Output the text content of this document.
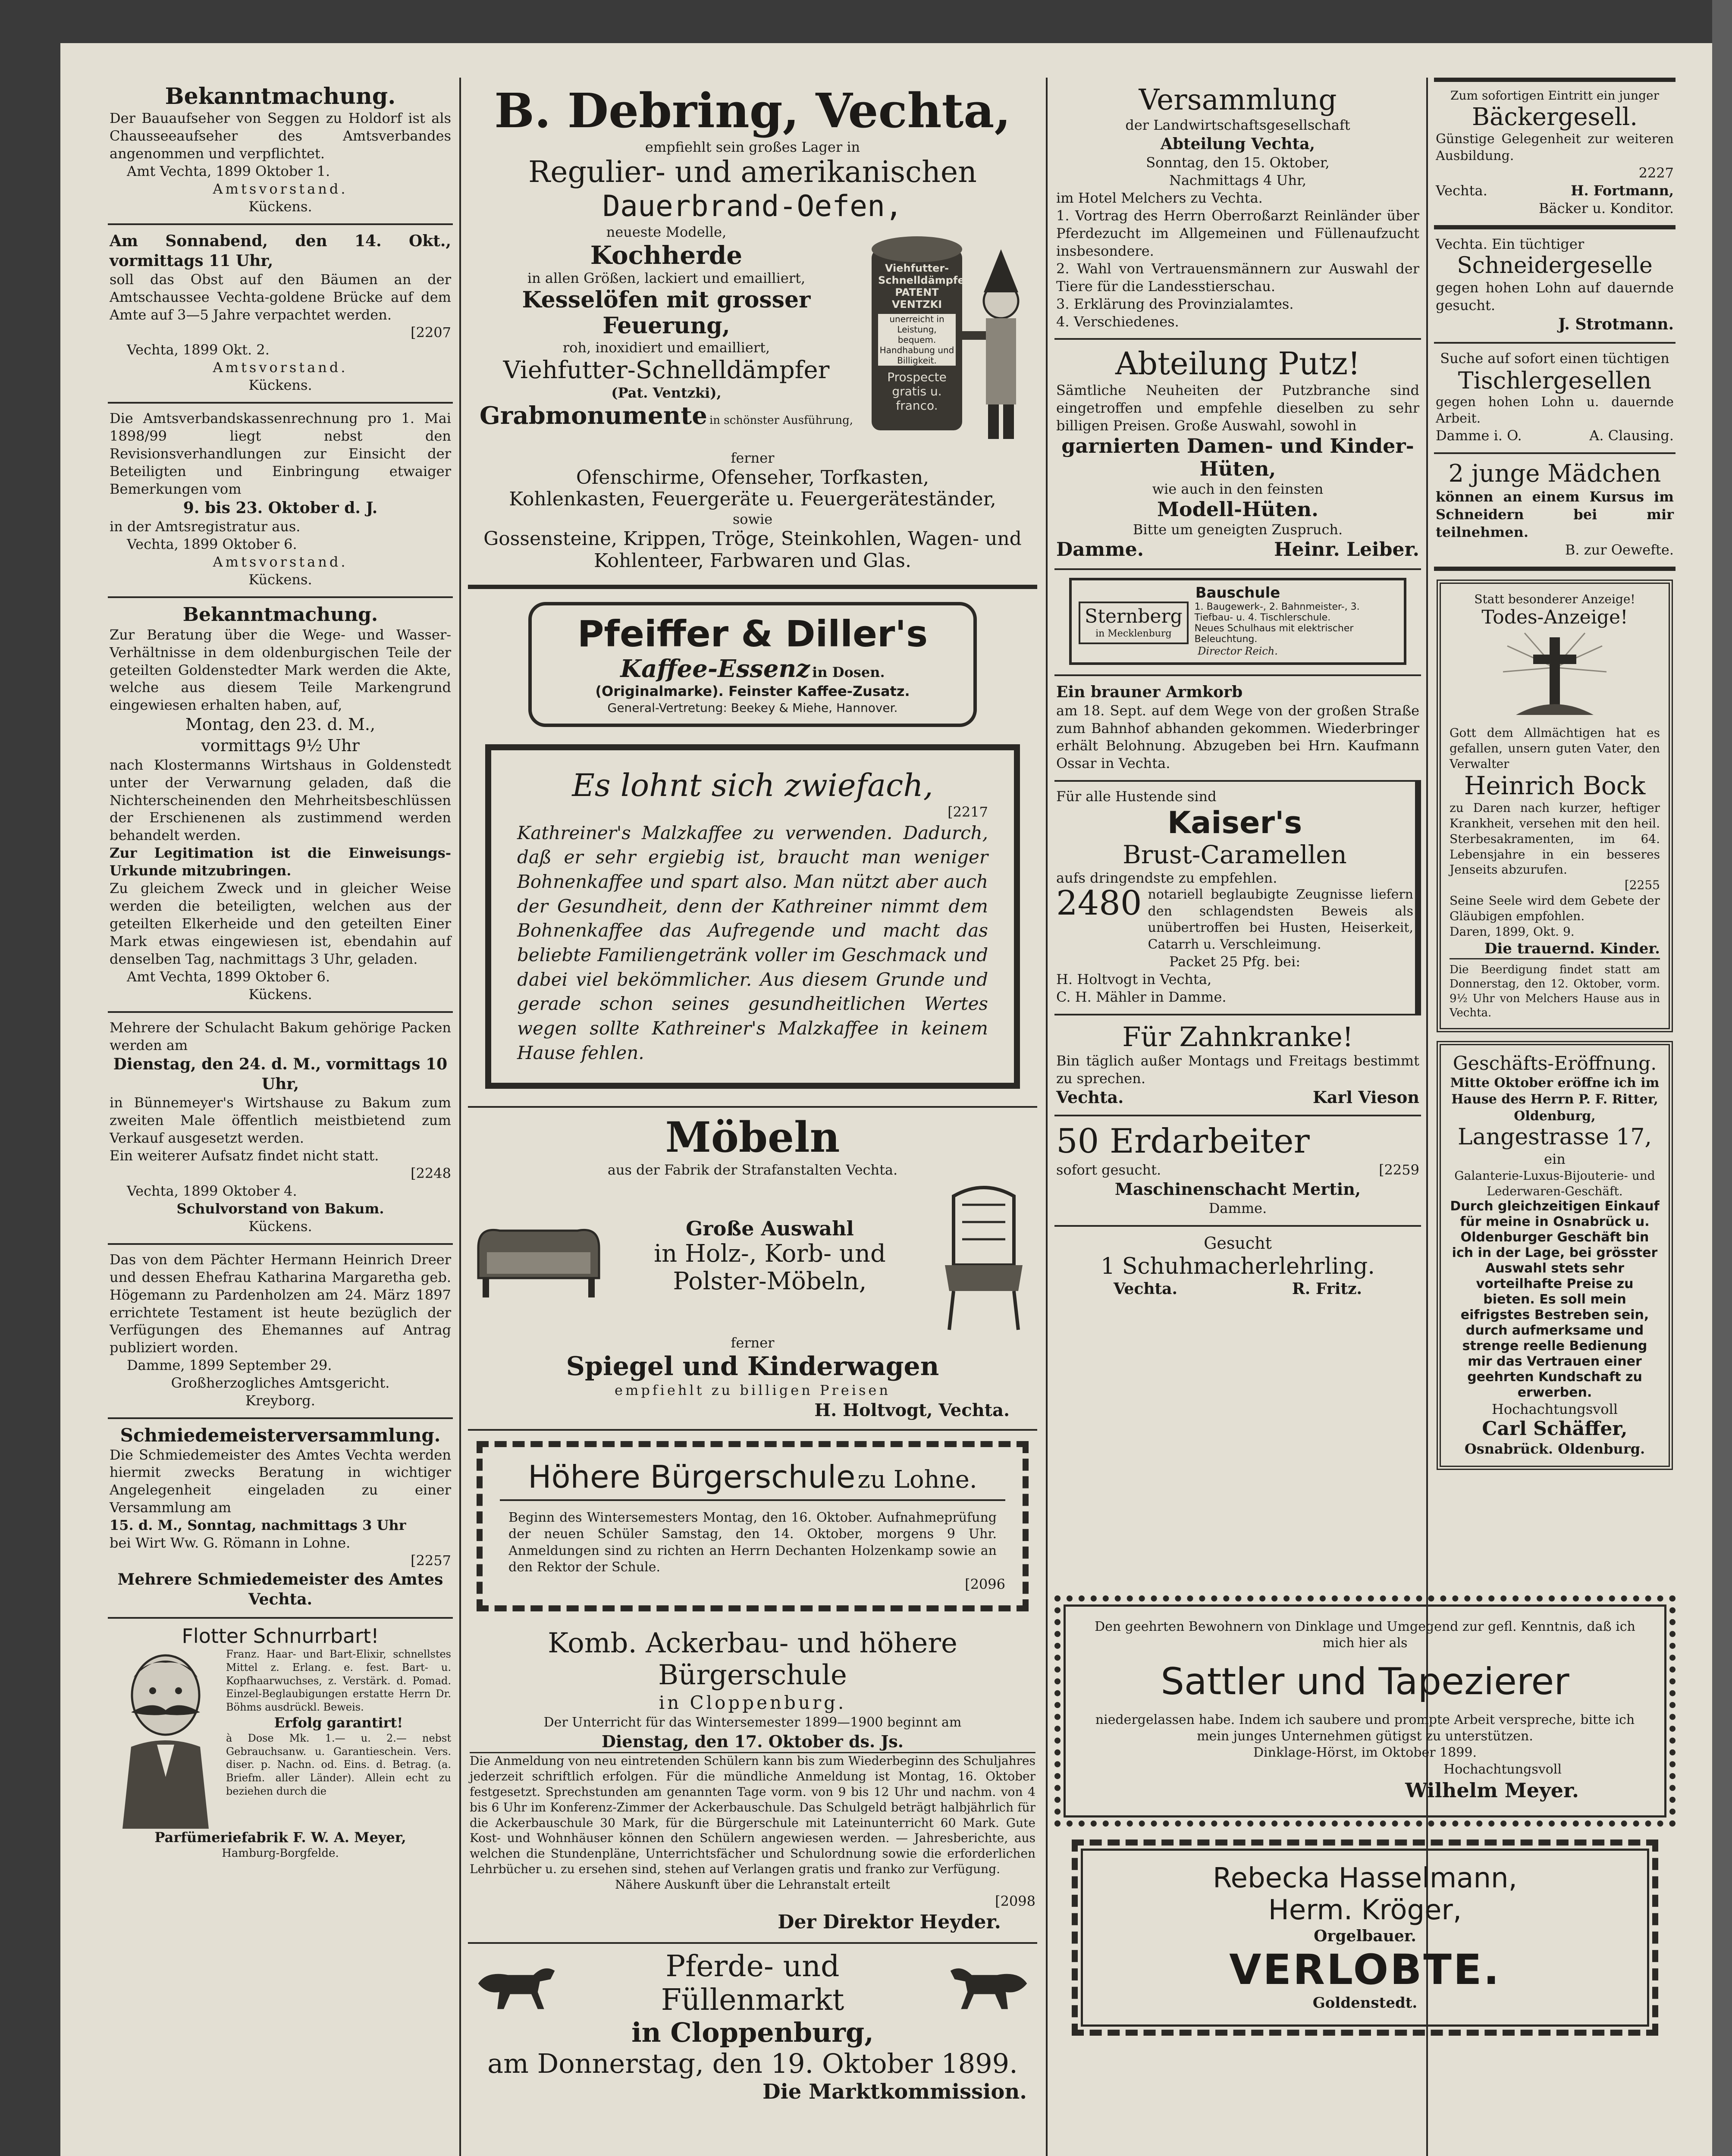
Bekanntmachung.
Der Bauaufseher von Seggen zu Holdorf ist als Chausseeaufseher des Amtsverbandes angenommen und verpflichtet.
Amt Vechta, 1899 Oktober 1.
Amtsvorstand.
Kückens.
Am Sonnabend, den 14. Okt., vormittags 11 Uhr,
soll das Obst auf den Bäumen an der Amtschaussee Vechta-goldene Brücke auf dem Amte auf 3—5 Jahre verpachtet werden.
[2207
Vechta, 1899 Okt. 2.
Amtsvorstand.
Kückens.
Die Amtsverbandskassenrechnung pro 1. Mai 1898/99 liegt nebst den Revisionsverhandlungen zur Einsicht der Beteiligten und Einbringung etwaiger Bemerkungen vom
9. bis 23. Oktober d. J.
in der Amtsregistratur aus.
Vechta, 1899 Oktober 6.
Amtsvorstand.
Kückens.
Bekanntmachung.
Zur Beratung über die Wege- und Wasser-Verhältnisse in dem oldenburgischen Teile der geteilten Goldenstedter Mark werden die Akte, welche aus diesem Teile Markengrund eingewiesen erhalten haben, auf,
Montag, den 23. d. M.,
vormittags 9½ Uhr
nach Klostermanns Wirtshaus in Goldenstedt unter der Verwarnung geladen, daß die Nichterscheinenden den Mehrheitsbeschlüssen der Erschienenen als zustimmend werden behandelt werden.
Zur Legitimation ist die Einweisungs-Urkunde mitzubringen.
Zu gleichem Zweck und in gleicher Weise werden die beteiligten, welchen aus der geteilten Elkerheide und den geteilten Einer Mark etwas eingewiesen ist, ebendahin auf denselben Tag, nachmittags 3 Uhr, geladen.
Amt Vechta, 1899 Oktober 6.
Kückens.
Mehrere der Schulacht Bakum gehörige Packen werden am
Dienstag, den 24. d. M., vormittags 10 Uhr,
in Bünnemeyer's Wirtshause zu Bakum zum zweiten Male öffentlich meistbietend zum Verkauf ausgesetzt werden.
Ein weiterer Aufsatz findet nicht statt.
[2248
Vechta, 1899 Oktober 4.
Schulvorstand von Bakum.
Kückens.
Das von dem Pächter Hermann Heinrich Dreer und dessen Ehefrau Katharina Margaretha geb. Högemann zu Pardenholzen am 24. März 1897 errichtete Testament ist heute bezüglich der Verfügungen des Ehemannes auf Antrag publiziert worden.
Damme, 1899 September 29.
Großherzogliches Amtsgericht.
Kreyborg.
Schmiedemeisterversammlung.
Die Schmiedemeister des Amtes Vechta werden hiermit zwecks Beratung in wichtiger Angelegenheit eingeladen zu einer Versammlung am
15. d. M., Sonntag, nachmittags 3 Uhr
bei Wirt Ww. G. Römann in Lohne.
[2257
Mehrere Schmiedemeister des Amtes Vechta.
Flotter Schnurrbart!
Franz. Haar- und Bart-Elixir, schnellstes Mittel z. Erlang. e. fest. Bart- u. Kopfhaarwuchses, z. Verstärk. d. Pomad. Einzel-Beglaubigungen erstatte Herrn Dr. Böhms ausdrückl. Beweis.
Erfolg garantirt!
à Dose Mk. 1.— u. 2.— nebst Gebrauchsanw. u. Garantieschein. Vers. diser. p. Nachn. od. Eins. d. Betrag. (a. Briefm. aller Länder). Allein echt zu beziehen durch die
Parfümeriefabrik F. W. A. Meyer,
Hamburg-Borgfelde.
B. Debring, Vechta,
empfiehlt sein großes Lager in
Regulier- und amerikanischen
Dauerbrand-Oefen,
neueste Modelle,
Kochherde
in allen Größen, lackiert und emailliert,
Kesselöfen mit grosser Feuerung,
roh, inoxidiert und emailliert,
Viehfutter-Schnelldämpfer
(Pat. Ventzki),
Grabmonumente in schönster Ausführung,
Viehfutter-Schnelldämpfer PATENT VENTZKI
unerreicht in Leistung, bequem. Handhabung und Billigkeit.
Prospecte gratis u. franco.
ferner
Ofenschirme, Ofenseher, Torfkasten,
Kohlenkasten, Feuergeräte u. Feuergeräteständer,
sowie
Gossensteine, Krippen, Tröge, Steinkohlen, Wagen- und Kohlenteer, Farbwaren und Glas.
Pfeiffer & Diller's
Kaffee-Essenz in Dosen.
(Originalmarke). Feinster Kaffee-Zusatz.
General-Vertretung: Beekey & Miehe, Hannover.
Es lohnt sich zwiefach,
[2217
Kathreiner's Malzkaffee zu verwenden. Dadurch, daß er sehr ergiebig ist, braucht man weniger Bohnenkaffee und spart also. Man nützt aber auch der Gesundheit, denn der Kathreiner nimmt dem Bohnenkaffee das Aufregende und macht das beliebte Familiengetränk voller im Geschmack und dabei viel bekömmlicher. Aus diesem Grunde und gerade schon seines gesundheitlichen Wertes wegen sollte Kathreiner's Malzkaffee in keinem Hause fehlen.
Möbeln
aus der Fabrik der Strafanstalten Vechta.
Große Auswahl
in Holz-, Korb- und
Polster-Möbeln,
ferner
Spiegel und Kinderwagen
empfiehlt zu billigen Preisen
H. Holtvogt, Vechta.
Höhere Bürgerschule zu Lohne.
Beginn des Wintersemesters Montag, den 16. Oktober. Aufnahmeprüfung der neuen Schüler Samstag, den 14. Oktober, morgens 9 Uhr. Anmeldungen sind zu richten an Herrn Dechanten Holzenkamp sowie an den Rektor der Schule.
[2096
Komb. Ackerbau- und höhere Bürgerschule
in Cloppenburg.
Der Unterricht für das Wintersemester 1899—1900 beginnt am
Dienstag, den 17. Oktober ds. Js.
Die Anmeldung von neu eintretenden Schülern kann bis zum Wiederbeginn des Schuljahres jederzeit schriftlich erfolgen. Für die mündliche Anmeldung ist Montag, 16. Oktober festgesetzt. Sprechstunden am genannten Tage vorm. von 9 bis 12 Uhr und nachm. von 4 bis 6 Uhr im Konferenz-Zimmer der Ackerbauschule. Das Schulgeld beträgt halbjährlich für die Ackerbauschule 30 Mark, für die Bürgerschule mit Lateinunterricht 60 Mark. Gute Kost- und Wohnhäuser können den Schülern angewiesen werden. — Jahresberichte, aus welchen die Stundenpläne, Unterrichtsfächer und Schulordnung sowie die erforderlichen Lehrbücher u. zu ersehen sind, stehen auf Verlangen gratis und franko zur Verfügung.
Nähere Auskunft über die Lehranstalt erteilt
[2098
Der Direktor Heyder.
Pferde- und Füllenmarkt
in Cloppenburg,
am Donnerstag, den 19. Oktober 1899.
Die Marktkommission.
Versammlung
der Landwirtschaftsgesellschaft
Abteilung Vechta,
Sonntag, den 15. Oktober,
Nachmittags 4 Uhr,
im Hotel Melchers zu Vechta.
1. Vortrag des Herrn Oberroßarzt Reinländer über Pferdezucht im Allgemeinen und Füllenaufzucht insbesondere.
2. Wahl von Vertrauensmännern zur Auswahl der Tiere für die Landesstierschau.
3. Erklärung des Provinzialamtes.
4. Verschiedenes.
Abteilung Putz!
Sämtliche Neuheiten der Putzbranche sind eingetroffen und empfehle dieselben zu sehr billigen Preisen. Große Auswahl, sowohl in
garnierten Damen- und Kinder-Hüten,
wie auch in den feinsten
Modell-Hüten.
Bitte um geneigten Zuspruch.
Damme.	Heinr. Leiber.
Bauschule
Sternberg
in Mecklenburg
1. Baugewerk-, 2. Bahnmeister-, 3. Tiefbau- u. 4. Tischlerschule.
Neues Schulhaus mit elektrischer Beleuchtung.
Director Reich.
Ein brauner Armkorb
am 18. Sept. auf dem Wege von der großen Straße zum Bahnhof abhanden gekommen. Wiederbringer erhält Belohnung. Abzugeben bei Hrn. Kaufmann Ossar in Vechta.
Für alle Hustende sind
Kaiser's
Brust-Caramellen
aufs dringendste zu empfehlen.
2480 notariell beglaubigte Zeugnisse liefern den schlagendsten Beweis als unübertroffen bei Husten, Heiserkeit, Catarrh u. Verschleimung.
Packet 25 Pfg. bei:
H. Holtvogt in Vechta,
C. H. Mähler in Damme.
Für Zahnkranke!
Bin täglich außer Montags und Freitags bestimmt zu sprechen.
Vechta.	Karl Vieson
50 Erdarbeiter
sofort gesucht.	[2259
Maschinenschacht Mertin,
Damme.
Gesucht
1 Schuhmacherlehrling.
Vechta.	R. Fritz.
Zum sofortigen Eintritt ein junger
Bäckergesell.
Günstige Gelegenheit zur weiteren Ausbildung.
2227
Vechta.	H. Fortmann,
Bäcker u. Konditor.
Vechta. Ein tüchtiger
Schneidergeselle
gegen hohen Lohn auf dauernde gesucht.
J. Strotmann.
Suche auf sofort einen tüchtigen
Tischlergesellen
gegen hohen Lohn u. dauernde Arbeit.
Damme i. O.	A. Clausing.
2 junge Mädchen
können an einem Kursus im Schneidern bei mir teilnehmen.
B. zur Oewefte.
Statt besonderer Anzeige!
Todes-Anzeige!
Gott dem Allmächtigen hat es gefallen, unsern guten Vater, den Verwalter
Heinrich Bock
zu Daren nach kurzer, heftiger Krankheit, versehen mit den heil. Sterbesakramenten, im 64. Lebensjahre in ein besseres Jenseits abzurufen.
[2255
Seine Seele wird dem Gebete der Gläubigen empfohlen.
Daren, 1899, Okt. 9.
Die trauernd. Kinder.
Die Beerdigung findet statt am Donnerstag, den 12. Oktober, vorm. 9½ Uhr von Melchers Hause aus in Vechta.
Geschäfts-Eröffnung.
Mitte Oktober eröffne ich im Hause des Herrn P. F. Ritter, Oldenburg,
Langestrasse 17,
ein
Galanterie-Luxus-Bijouterie- und Lederwaren-Geschäft.
Durch gleichzeitigen Einkauf für meine in Osnabrück u. Oldenburger Geschäft bin ich in der Lage, bei grösster Auswahl stets sehr vorteilhafte Preise zu bieten. Es soll mein eifrigstes Bestreben sein, durch aufmerksame und strenge reelle Bedienung mir das Vertrauen einer geehrten Kundschaft zu erwerben.
Hochachtungsvoll
Carl Schäffer,
Osnabrück. Oldenburg.
Den geehrten Bewohnern von Dinklage und Umgegend zur gefl. Kenntnis, daß ich mich hier als
Sattler und Tapezierer
niedergelassen habe. Indem ich saubere und prompte Arbeit verspreche, bitte ich mein junges Unternehmen gütigst zu unterstützen.
Dinklage-Hörst, im Oktober 1899.
Hochachtungsvoll
Wilhelm Meyer.
Rebecka Hasselmann,
Herm. Kröger,
Orgelbauer.
VERLOBTE.
Goldenstedt.
